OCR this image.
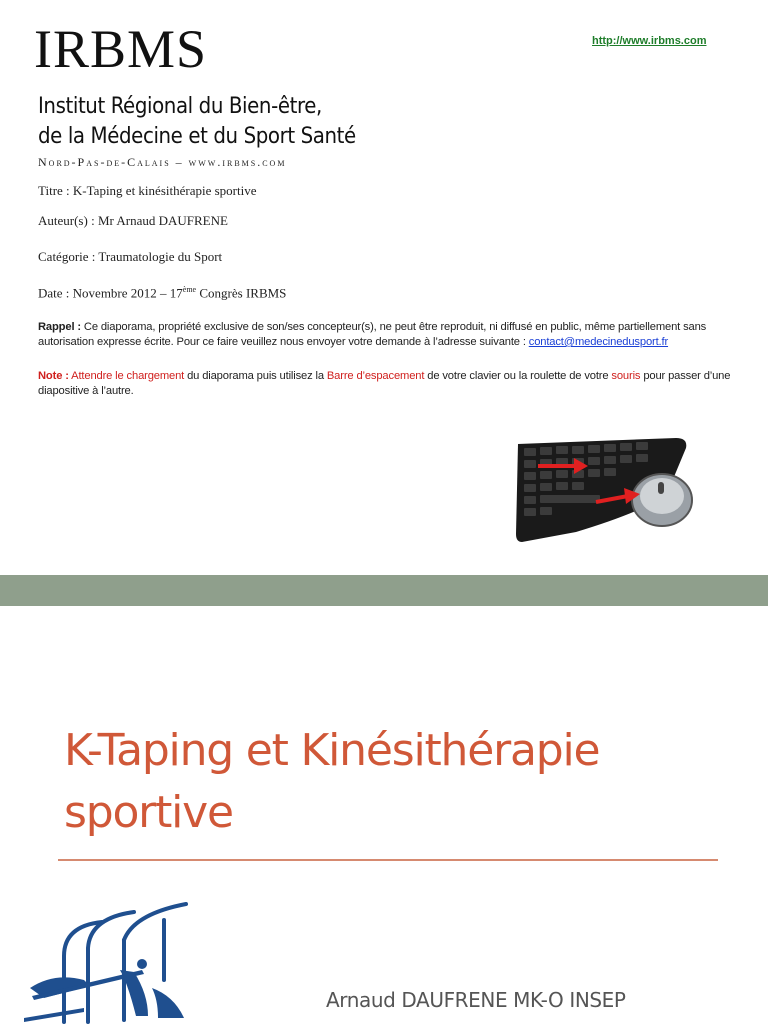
IRBMS	http://www.irbms.com
Institut Régional du Bien-être,
de la Médecine et du Sport Santé
Nord-Pas-de-Calais – www.irbms.com
Titre : K-Taping et kinésithérapie sportive
Auteur(s) : Mr Arnaud DAUFRENE
Catégorie : Traumatologie du Sport
Date : Novembre 2012 – 17ème Congrès IRBMS

Rappel : Ce diaporama, propriété exclusive de son/ses concepteur(s), ne peut être reproduit, ni diffusé en public, même partiellement sans autorisation expresse écrite. Pour ce faire veuillez nous envoyer votre demande à l’adresse suivante : contact@medecinedusport.fr

Note : Attendre le chargement du diaporama puis utilisez la Barre d’espacement de votre clavier ou la roulette de votre souris pour passer d’une diapositive à l’autre.

K-Taping et Kinésithérapie sportive
Arnaud DAUFRENE MK-O INSEP
